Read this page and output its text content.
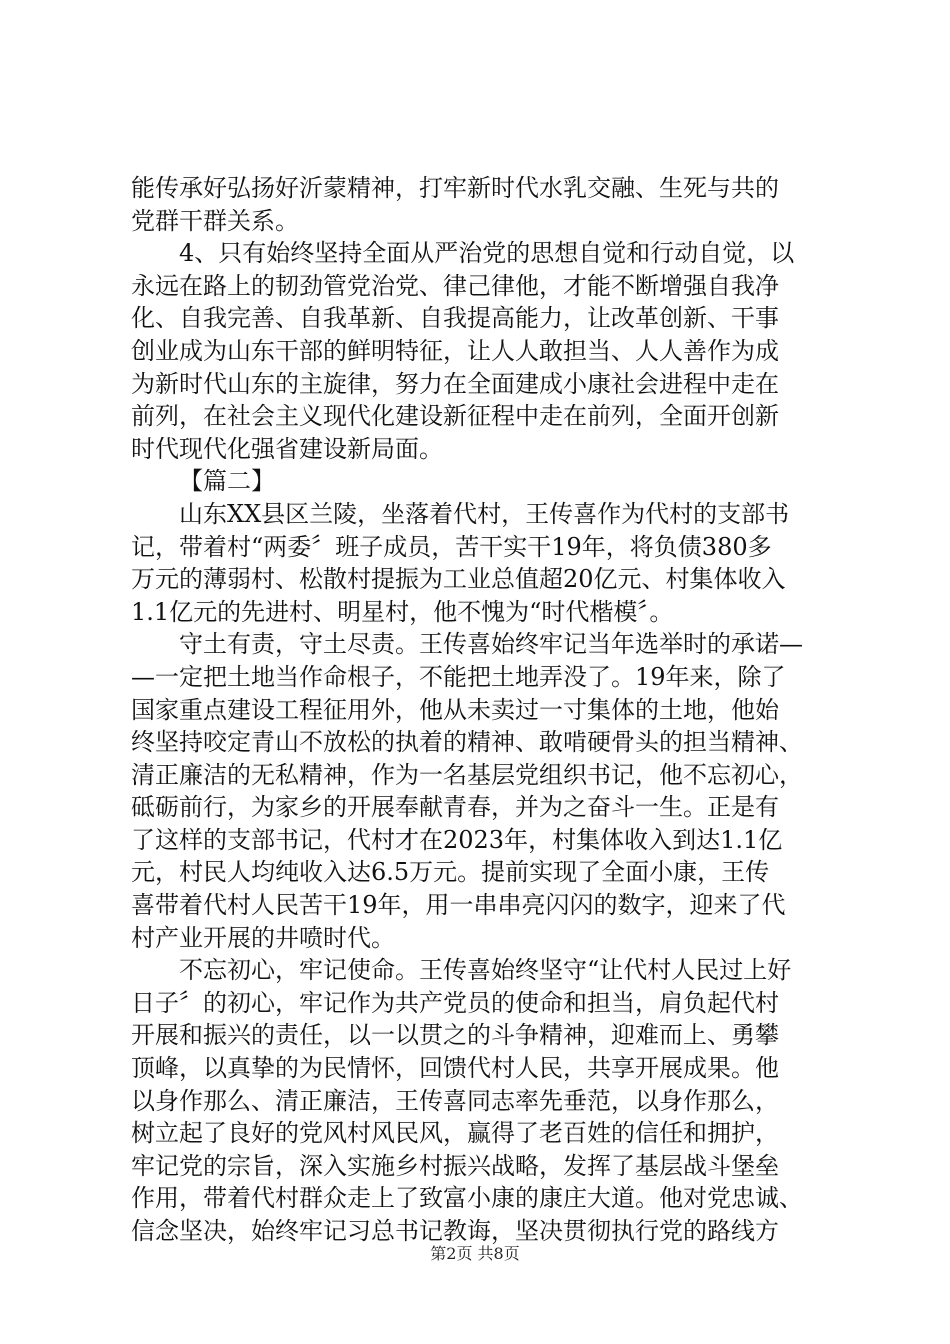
能传承好弘扬好沂蒙精神，打牢新时代水乳交融、生死与共的
党群干群关系。
4、只有始终坚持全面从严治党的思想自觉和行动自觉，以
永远在路上的韧劲管党治党、律己律他，才能不断增强自我净
化、自我完善、自我革新、自我提高能力，让改革创新、干事
创业成为山东干部的鲜明特征，让人人敢担当、人人善作为成
为新时代山东的主旋律，努力在全面建成小康社会进程中走在
前列，在社会主义现代化建设新征程中走在前列，全面开创新
时代现代化强省建设新局面。
【篇二】
山东XX县区兰陵，坐落着代村，王传喜作为代村的支部书
记，带着村“两委〞班子成员，苦干实干19年，将负债380多
万元的薄弱村、松散村提振为工业总值超20亿元、村集体收入
1.1亿元的先进村、明星村，他不愧为“时代楷模〞。
守土有责，守土尽责。王传喜始终牢记当年选举时的承诺—
—一定把土地当作命根子，不能把土地弄没了。19年来，除了
国家重点建设工程征用外，他从未卖过一寸集体的土地，他始
终坚持咬定青山不放松的执着的精神、敢啃硬骨头的担当精神、
清正廉洁的无私精神，作为一名基层党组织书记，他不忘初心，
砥砺前行，为家乡的开展奉献青春，并为之奋斗一生。正是有
了这样的支部书记，代村才在2023年，村集体收入到达1.1亿
元，村民人均纯收入达6.5万元。提前实现了全面小康，王传
喜带着代村人民苦干19年，用一串串亮闪闪的数字，迎来了代
村产业开展的井喷时代。
不忘初心，牢记使命。王传喜始终坚守“让代村人民过上好
日子〞的初心，牢记作为共产党员的使命和担当，肩负起代村
开展和振兴的责任，以一以贯之的斗争精神，迎难而上、勇攀
顶峰，以真挚的为民情怀，回馈代村人民，共享开展成果。他
以身作那么、清正廉洁，王传喜同志率先垂范，以身作那么，
树立起了良好的党风村风民风，赢得了老百姓的信任和拥护，
牢记党的宗旨，深入实施乡村振兴战略，发挥了基层战斗堡垒
作用，带着代村群众走上了致富小康的康庄大道。他对党忠诚、
信念坚决，始终牢记习总书记教诲，坚决贯彻执行党的路线方
第2页 共8页
